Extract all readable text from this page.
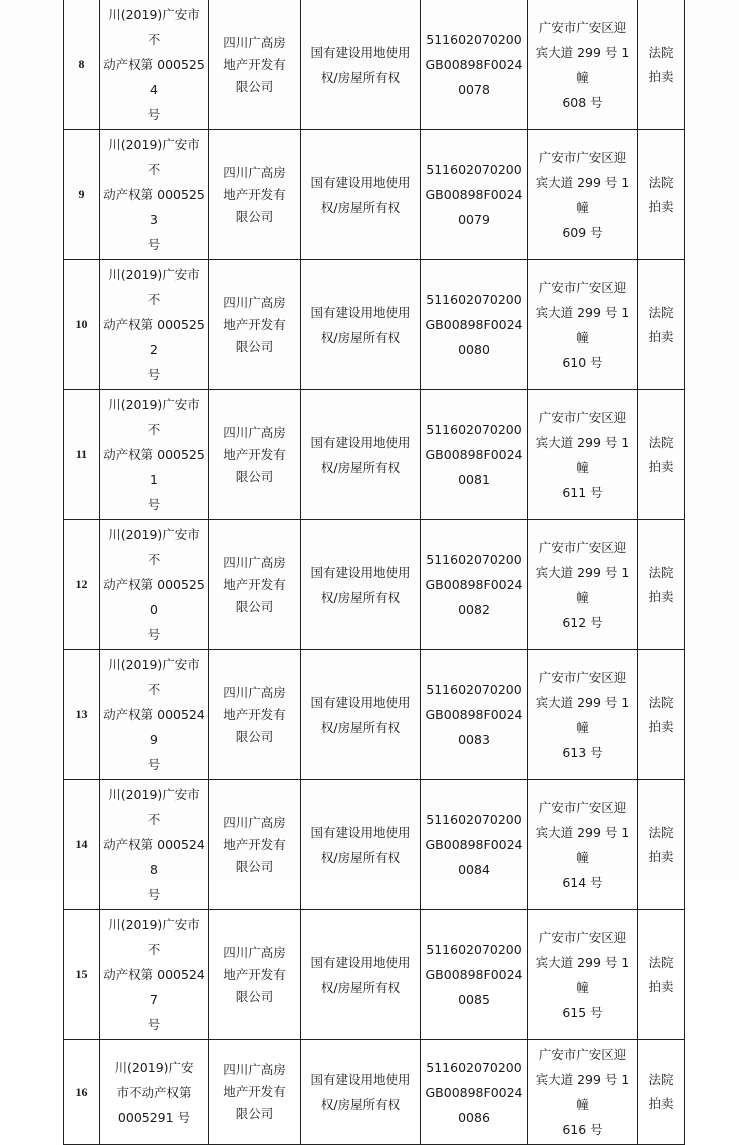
8	川(2019)广安市不
动产权第 0005254
号	四川广高房
地产开发有
限公司	国有建设用地使用
权/房屋所有权	511602070200
GB00898F0024
0078	广安市广安区迎
宾大道 299 号 1 幢
608 号	法院
拍卖

9	川(2019)广安市不
动产权第 0005253
号	四川广高房
地产开发有
限公司	国有建设用地使用
权/房屋所有权	511602070200
GB00898F0024
0079	广安市广安区迎
宾大道 299 号 1 幢
609 号	法院
拍卖

10	川(2019)广安市不
动产权第 0005252
号	四川广高房
地产开发有
限公司	国有建设用地使用
权/房屋所有权	511602070200
GB00898F0024
0080	广安市广安区迎
宾大道 299 号 1 幢
610 号	法院
拍卖

11	川(2019)广安市不
动产权第 0005251
号	四川广高房
地产开发有
限公司	国有建设用地使用
权/房屋所有权	511602070200
GB00898F0024
0081	广安市广安区迎
宾大道 299 号 1 幢
611 号	法院
拍卖

12	川(2019)广安市不
动产权第 0005250
号	四川广高房
地产开发有
限公司	国有建设用地使用
权/房屋所有权	511602070200
GB00898F0024
0082	广安市广安区迎
宾大道 299 号 1 幢
612 号	法院
拍卖

13	川(2019)广安市不
动产权第 0005249
号	四川广高房
地产开发有
限公司	国有建设用地使用
权/房屋所有权	511602070200
GB00898F0024
0083	广安市广安区迎
宾大道 299 号 1 幢
613 号	法院
拍卖

14	川(2019)广安市不
动产权第 0005248
号	四川广高房
地产开发有
限公司	国有建设用地使用
权/房屋所有权	511602070200
GB00898F0024
0084	广安市广安区迎
宾大道 299 号 1 幢
614 号	法院
拍卖

15	川(2019)广安市不
动产权第 0005247
号	四川广高房
地产开发有
限公司	国有建设用地使用
权/房屋所有权	511602070200
GB00898F0024
0085	广安市广安区迎
宾大道 299 号 1 幢
615 号	法院
拍卖

16	川(2019)广安
市不动产权第
0005291 号	四川广高房
地产开发有
限公司	国有建设用地使用
权/房屋所有权	511602070200
GB00898F0024
0086	广安市广安区迎
宾大道 299 号 1 幢
616 号	法院
拍卖
